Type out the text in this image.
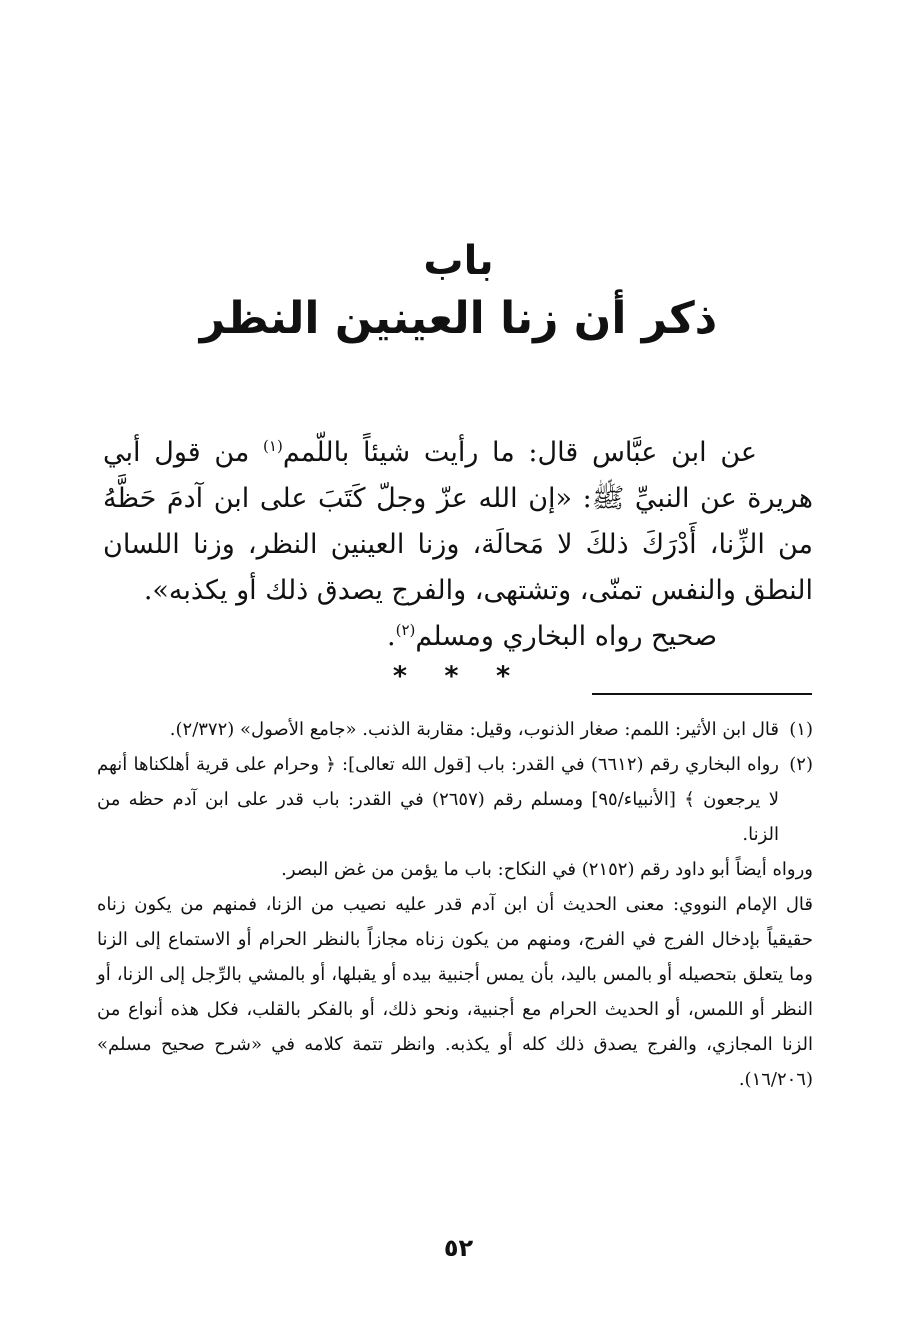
باب
ذكر أن زنا العينين النظر

عن ابن عبَّاس قال: ما رأيت شيئاً باللّمم$^{(١)}$ من قول أبي هريرة عن النبيِّ ﷺ: «إن الله عزّ وجلّ كَتَبَ على ابن آدمَ حَظَّهُ من الزِّنا، أَدْرَكَ ذلكَ لا مَحالَة، وزنا العينين النظر، وزنا اللسان النطق والنفس تمنّى، وتشتهى، والفرج يصدق ذلك أو يكذبه».

صحيح رواه البخاري ومسلم$^{(٢)}$.

* * *

(١)قال ابن الأثير: اللمم: صغار الذنوب، وقيل: مقاربة الذنب. «جامع الأصول» (٢/٣٧٢).

(٢)رواه البخاري رقم (٦٦١٢) في القدر: باب [قول الله تعالى]: ﴿ وحرام على قرية أهلكناها أنهم لا يرجعون ﴾ [الأنبياء/٩٥] ومسلم رقم (٢٦٥٧) في القدر: باب قدر على ابن آدم حظه من الزنا.

ورواه أيضاً أبو داود رقم (٢١٥٢) في النكاح: باب ما يؤمن من غض البصر.

قال الإمام النووي: معنى الحديث أن ابن آدم قدر عليه نصيب من الزنا، فمنهم من يكون زناه حقيقياً بإدخال الفرج في الفرج، ومنهم من يكون زناه مجازاً بالنظر الحرام أو الاستماع إلى الزنا وما يتعلق بتحصيله أو بالمس باليد، بأن يمس أجنبية بيده أو يقبلها، أو بالمشي بالرِّجل إلى الزنا، أو النظر أو اللمس، أو الحديث الحرام مع أجنبية، ونحو ذلك، أو بالفكر بالقلب، فكل هذه أنواع من الزنا المجازي، والفرج يصدق ذلك كله أو يكذبه. وانظر تتمة كلامه في «شرح صحيح مسلم» (١٦/٢٠٦).

٥٢
